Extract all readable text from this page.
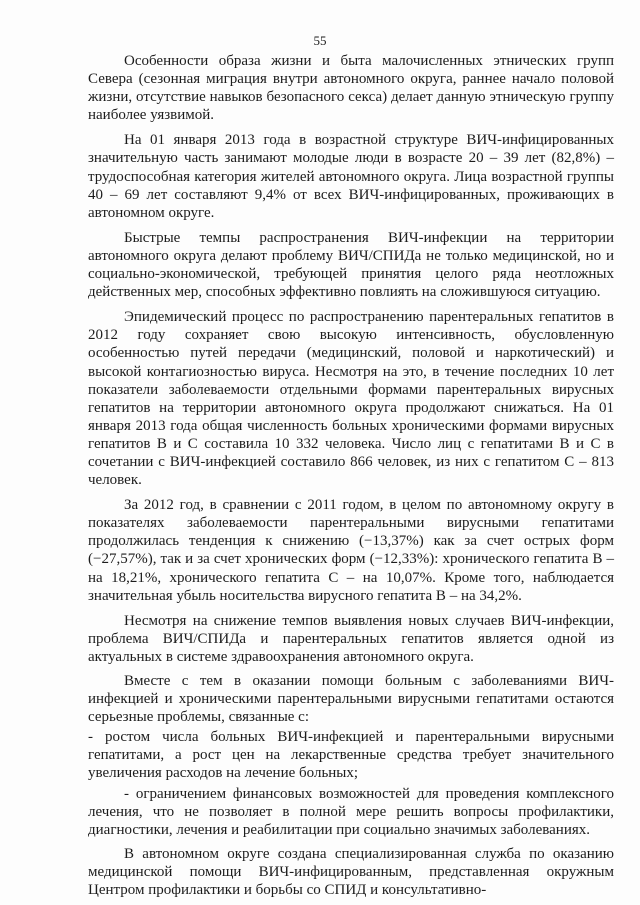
55

Особенности образа жизни и быта малочисленных этнических групп Севера (сезонная миграция внутри автономного округа, раннее начало половой жизни, отсутствие навыков безопасного секса) делает данную этническую группу наиболее уязвимой.

На 01 января 2013 года в возрастной структуре ВИЧ-инфицированных значительную часть занимают молодые люди в возрасте 20 – 39 лет (82,8%) – трудоспособная категория жителей автономного округа. Лица возрастной группы 40 – 69 лет составляют 9,4% от всех ВИЧ-инфицированных, проживающих в автономном округе.

Быстрые темпы распространения ВИЧ-инфекции на территории автономного округа делают проблему ВИЧ/СПИДа не только медицинской, но и социально-экономической, требующей принятия целого ряда неотложных действенных мер, способных эффективно повлиять на сложившуюся ситуацию.

Эпидемический процесс по распространению парентеральных гепатитов в 2012 году сохраняет свою высокую интенсивность, обусловленную особенностью путей передачи (медицинский, половой и наркотический) и высокой контагиозностью вируса. Несмотря на это, в течение последних 10 лет показатели заболеваемости отдельными формами парентеральных вирусных гепатитов на территории автономного округа продолжают снижаться. На 01 января 2013 года общая численность больных хроническими формами вирусных гепатитов В и С составила 10 332 человека. Число лиц с гепатитами В и С в сочетании с ВИЧ-инфекцией составило 866 человек, из них с гепатитом С – 813 человек.

За 2012 год, в сравнении с 2011 годом, в целом по автономному округу в показателях заболеваемости парентеральными вирусными гепатитами продолжилась тенденция к снижению (−13,37%) как за счет острых форм (−27,57%), так и за счет хронических форм (−12,33%): хронического гепатита В – на 18,21%, хронического гепатита С – на 10,07%. Кроме того, наблюдается значительная убыль носительства вирусного гепатита В – на 34,2%.

Несмотря на снижение темпов выявления новых случаев ВИЧ-инфекции, проблема ВИЧ/СПИДа и парентеральных гепатитов является одной из актуальных в системе здравоохранения автономного округа.

Вместе с тем в оказании помощи больным с заболеваниями ВИЧ-инфекцией и хроническими парентеральными вирусными гепатитами остаются серьезные проблемы, связанные с:

- ростом числа больных ВИЧ-инфекцией и парентеральными вирусными гепатитами, а рост цен на лекарственные средства требует значительного увеличения расходов на лечение больных;

- ограничением финансовых возможностей для проведения комплексного лечения, что не позволяет в полной мере решить вопросы профилактики, диагностики, лечения и реабилитации при социально значимых заболеваниях.

В автономном округе создана специализированная служба по оказанию медицинской помощи ВИЧ-инфицированным, представленная окружным Центром профилактики и борьбы со СПИД и консультативно-
